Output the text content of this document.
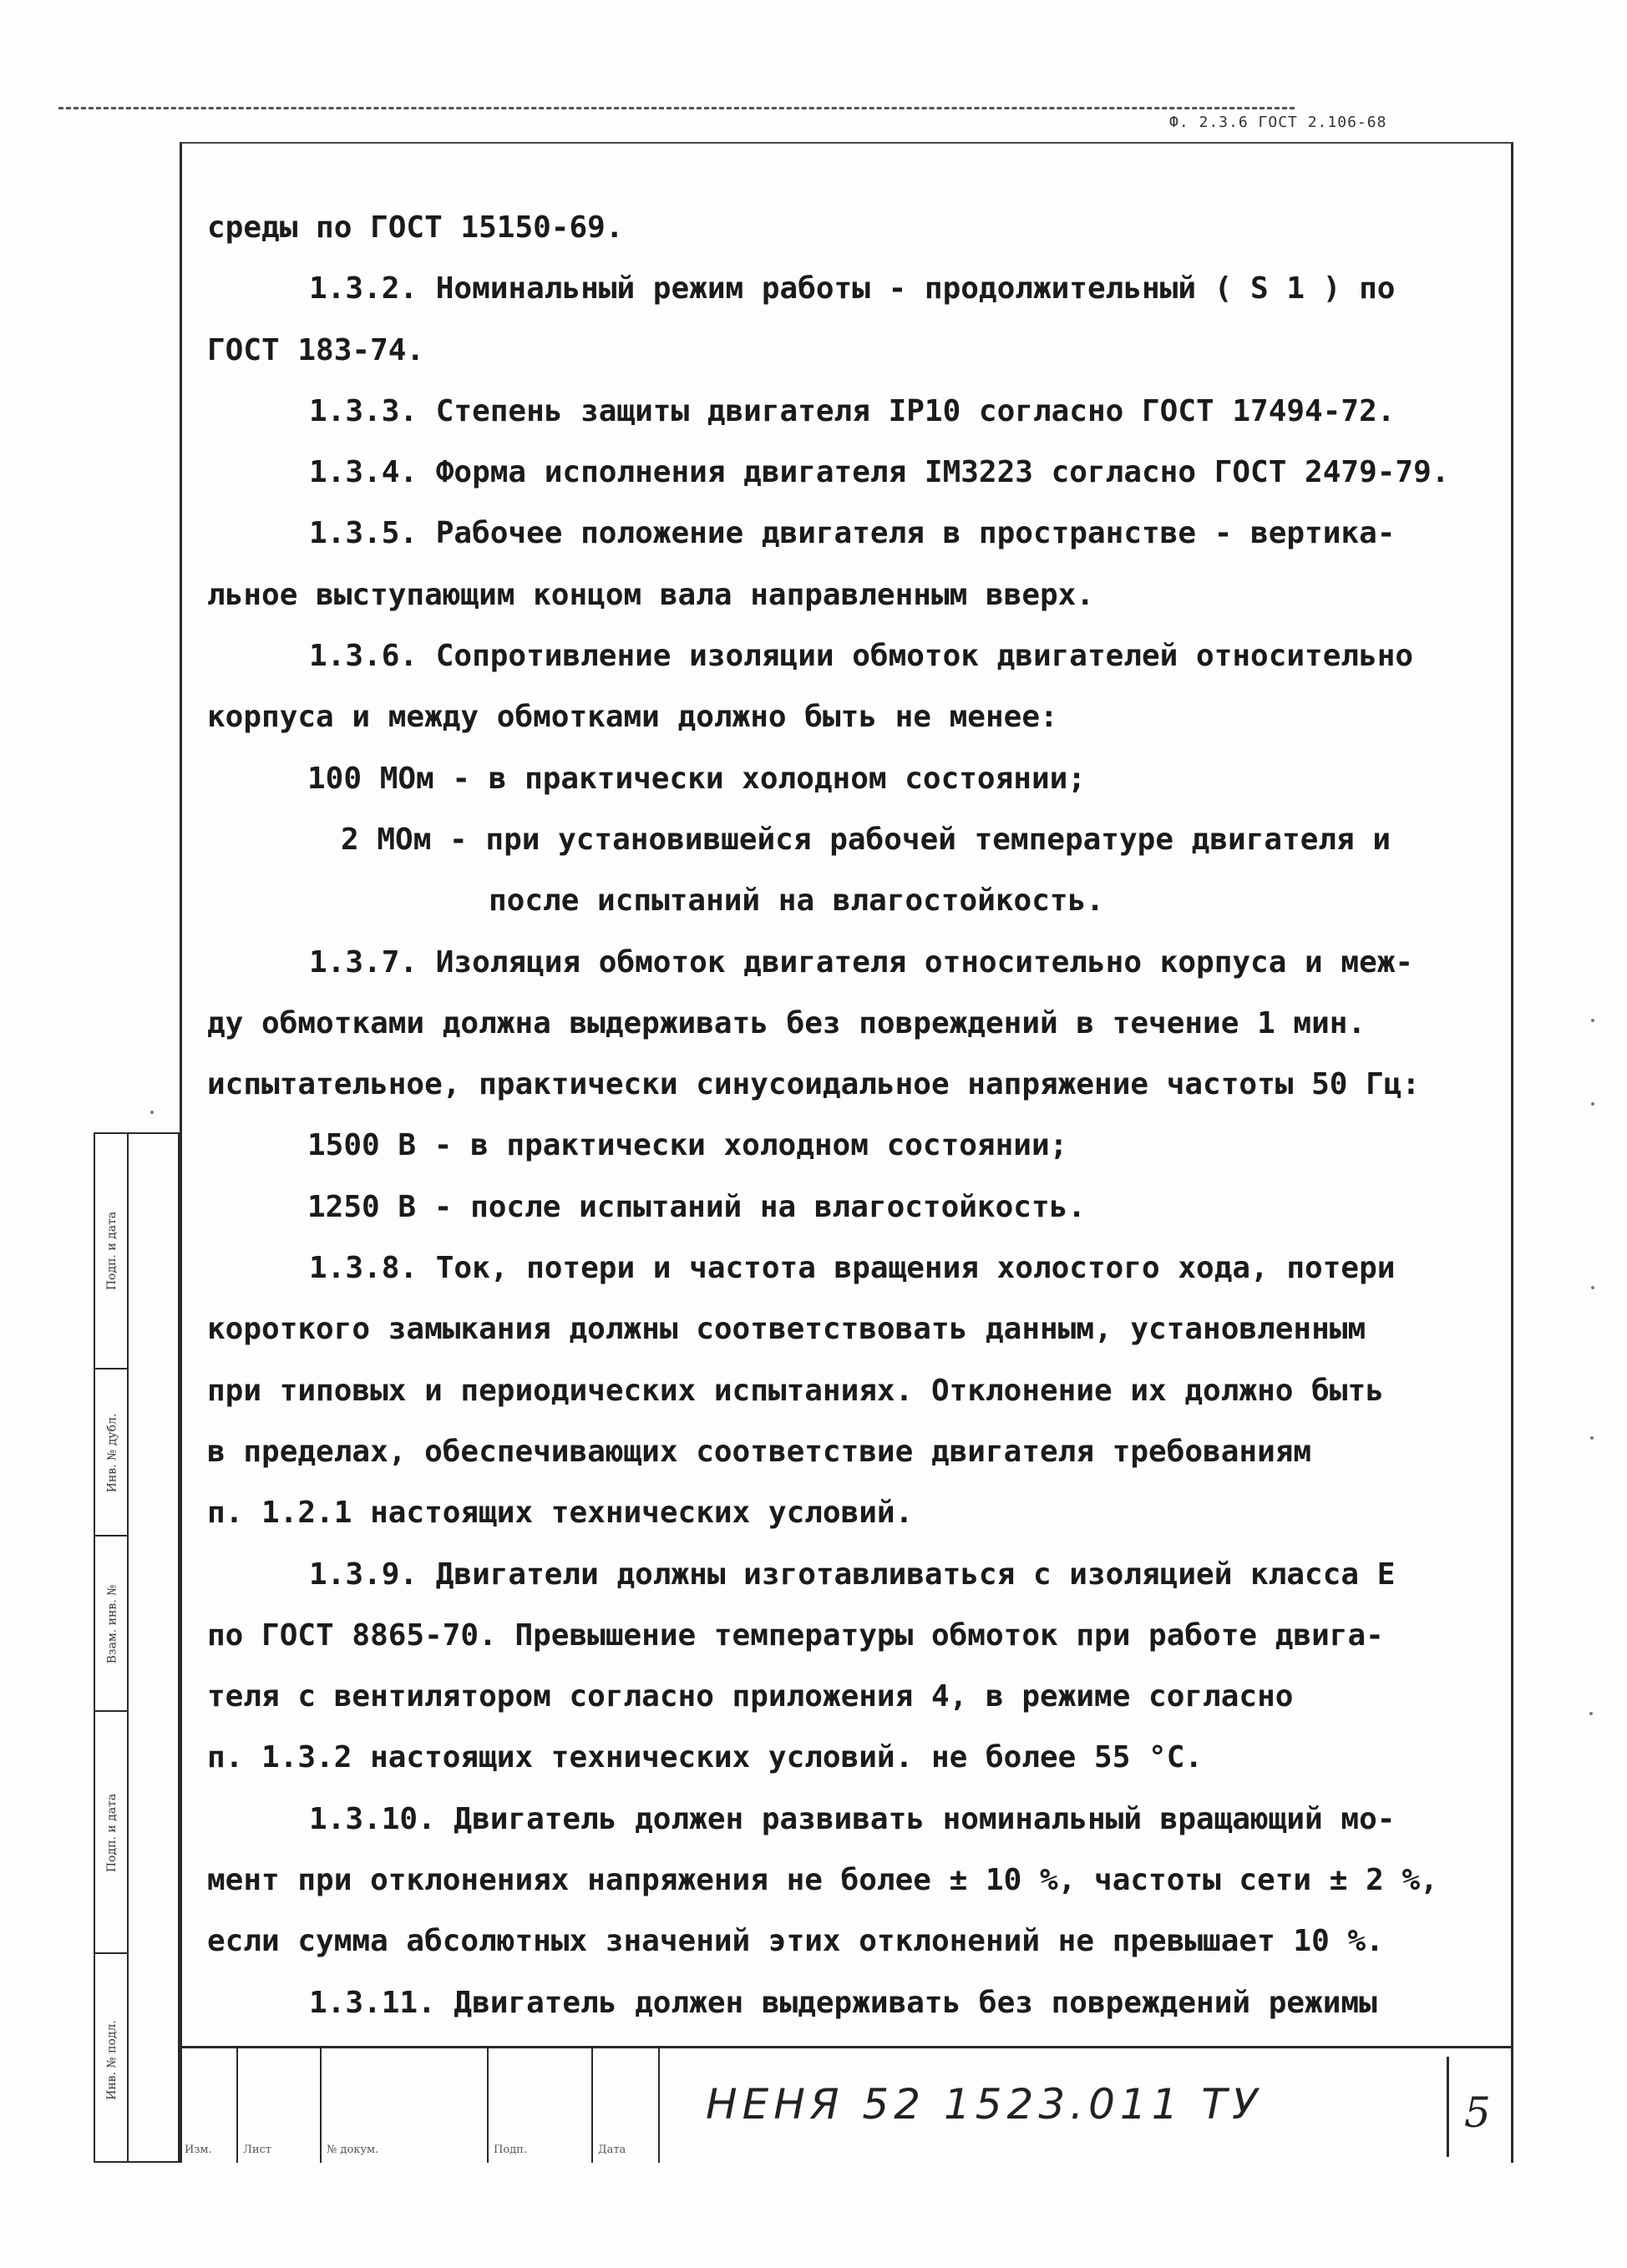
Ф. 2.3.6 ГОСТ 2.106-68
среды по ГОСТ 15150-69.
1.3.2. Номинальный режим работы - продолжительный ( S 1 ) по
ГОСТ 183-74.
1.3.3. Степень защиты двигателя IP10 согласно ГОСТ 17494-72.
1.3.4. Форма исполнения двигателя IM3223 согласно ГОСТ 2479-79.
1.3.5. Рабочее положение двигателя в пространстве - вертика-
льное выступающим концом вала направленным вверх.
1.3.6. Сопротивление изоляции обмоток двигателей относительно
корпуса и между обмотками должно быть не менее:
100 МОм - в практически холодном состоянии;
2 МОм - при установившейся рабочей температуре двигателя и
после испытаний на влагостойкость.
1.3.7. Изоляция обмоток двигателя относительно корпуса и меж-
ду обмотками должна выдерживать без повреждений в течение 1 мин.
испытательное, практически синусоидальное напряжение частоты 50 Гц:
1500 В - в практически холодном состоянии;
1250 В - после испытаний на влагостойкость.
1.3.8. Ток, потери и частота вращения холостого хода, потери
короткого замыкания должны соответствовать данным, установленным
при типовых и периодических испытаниях. Отклонение их должно быть
в пределах, обеспечивающих соответствие двигателя требованиям
п. 1.2.1 настоящих технических условий.
1.3.9. Двигатели должны изготавливаться с изоляцией класса Е
по ГОСТ 8865-70. Превышение температуры обмоток при работе двига-
теля с вентилятором согласно приложения 4, в режиме согласно
п. 1.3.2 настоящих технических условий. не более 55 °С.
1.3.10. Двигатель должен развивать номинальный вращающий мо-
мент при отклонениях напряжения не более ± 10 %, частоты сети ± 2 %,
если сумма абсолютных значений этих отклонений не превышает 10 %.
1.3.11. Двигатель должен выдерживать без повреждений режимы
Подп. и дата
Инв. № дубл.
Взам. инв. №
Подп. и дата
Инв. № подл.
Изм.	Лист	№ докум.	Подп.	Дата
НЕНЯ 52 1523.011 ТУ	5
